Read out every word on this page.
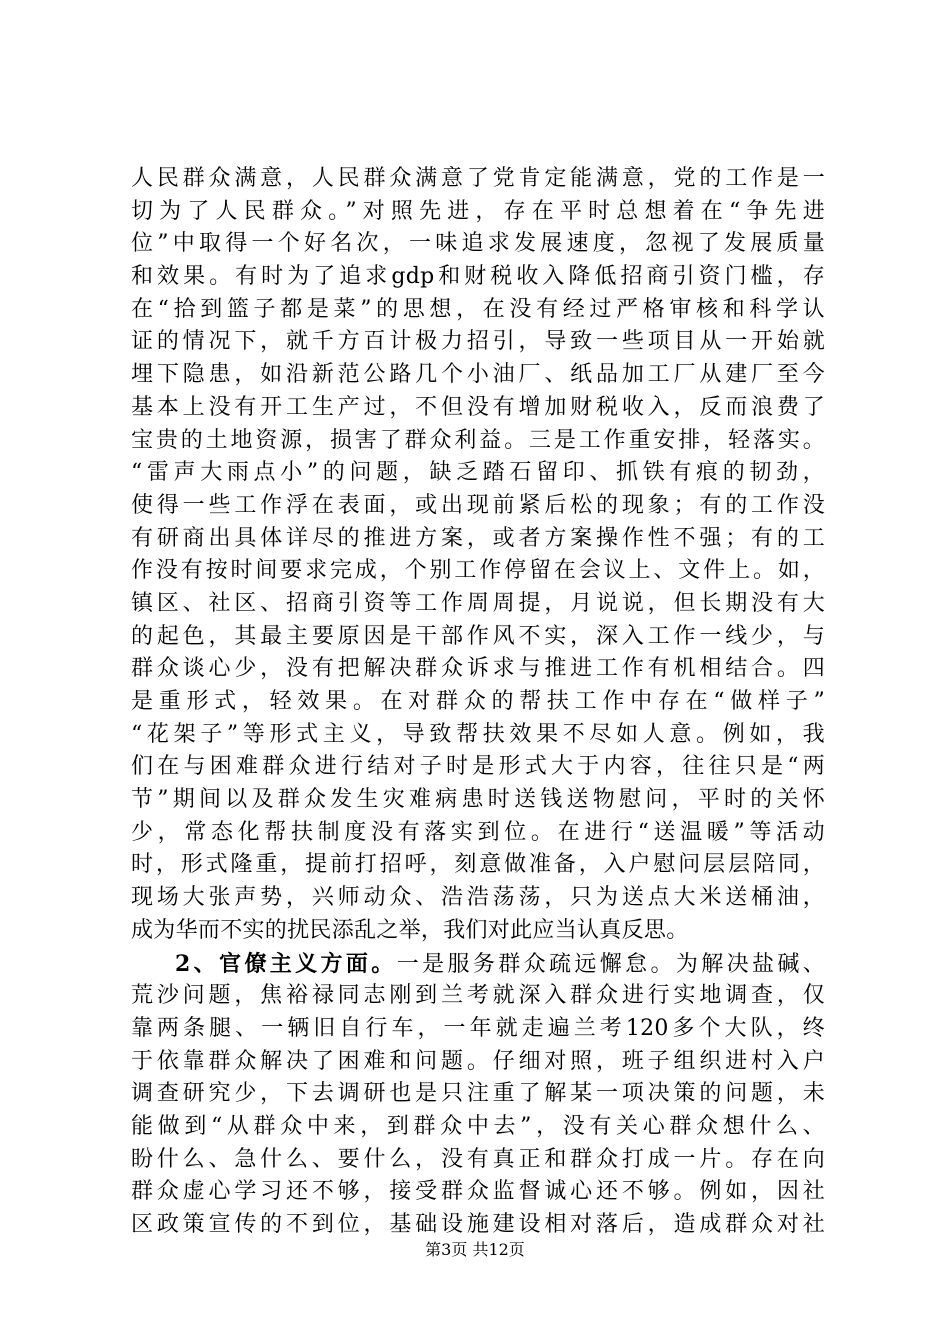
人民群众满意，人民群众满意了党肯定能满意，党的工作是一
切为了人民群众。”对照先进，存在平时总想着在“争先进
位”中取得一个好名次，一味追求发展速度，忽视了发展质量
和效果。有时为了追求gdp和财税收入降低招商引资门槛，存
在“拾到篮子都是菜”的思想，在没有经过严格审核和科学认
证的情况下，就千方百计极力招引，导致一些项目从一开始就
埋下隐患，如沿新范公路几个小油厂、纸品加工厂从建厂至今
基本上没有开工生产过，不但没有增加财税收入，反而浪费了
宝贵的土地资源，损害了群众利益。三是工作重安排，轻落实。
“雷声大雨点小”的问题，缺乏踏石留印、抓铁有痕的韧劲，
使得一些工作浮在表面，或出现前紧后松的现象；有的工作没
有研商出具体详尽的推进方案，或者方案操作性不强；有的工
作没有按时间要求完成，个别工作停留在会议上、文件上。如，
镇区、社区、招商引资等工作周周提，月说说，但长期没有大
的起色，其最主要原因是干部作风不实，深入工作一线少，与
群众谈心少，没有把解决群众诉求与推进工作有机相结合。四
是重形式，轻效果。在对群众的帮扶工作中存在“做样子”
“花架子”等形式主义，导致帮扶效果不尽如人意。例如，我
们在与困难群众进行结对子时是形式大于内容，往往只是“两
节”期间以及群众发生灾难病患时送钱送物慰问，平时的关怀
少，常态化帮扶制度没有落实到位。在进行“送温暖”等活动
时，形式隆重，提前打招呼，刻意做准备，入户慰问层层陪同，
现场大张声势，兴师动众、浩浩荡荡，只为送点大米送桶油，
成为华而不实的扰民添乱之举，我们对此应当认真反思。
2、官僚主义方面。一是服务群众疏远懈怠。为解决盐碱、
荒沙问题，焦裕禄同志刚到兰考就深入群众进行实地调查，仅
靠两条腿、一辆旧自行车，一年就走遍兰考120多个大队，终
于依靠群众解决了困难和问题。仔细对照，班子组织进村入户
调查研究少，下去调研也是只注重了解某一项决策的问题，未
能做到“从群众中来，到群众中去”，没有关心群众想什么、
盼什么、急什么、要什么，没有真正和群众打成一片。存在向
群众虚心学习还不够，接受群众监督诚心还不够。例如，因社
区政策宣传的不到位，基础设施建设相对落后，造成群众对社
第3页 共12页
